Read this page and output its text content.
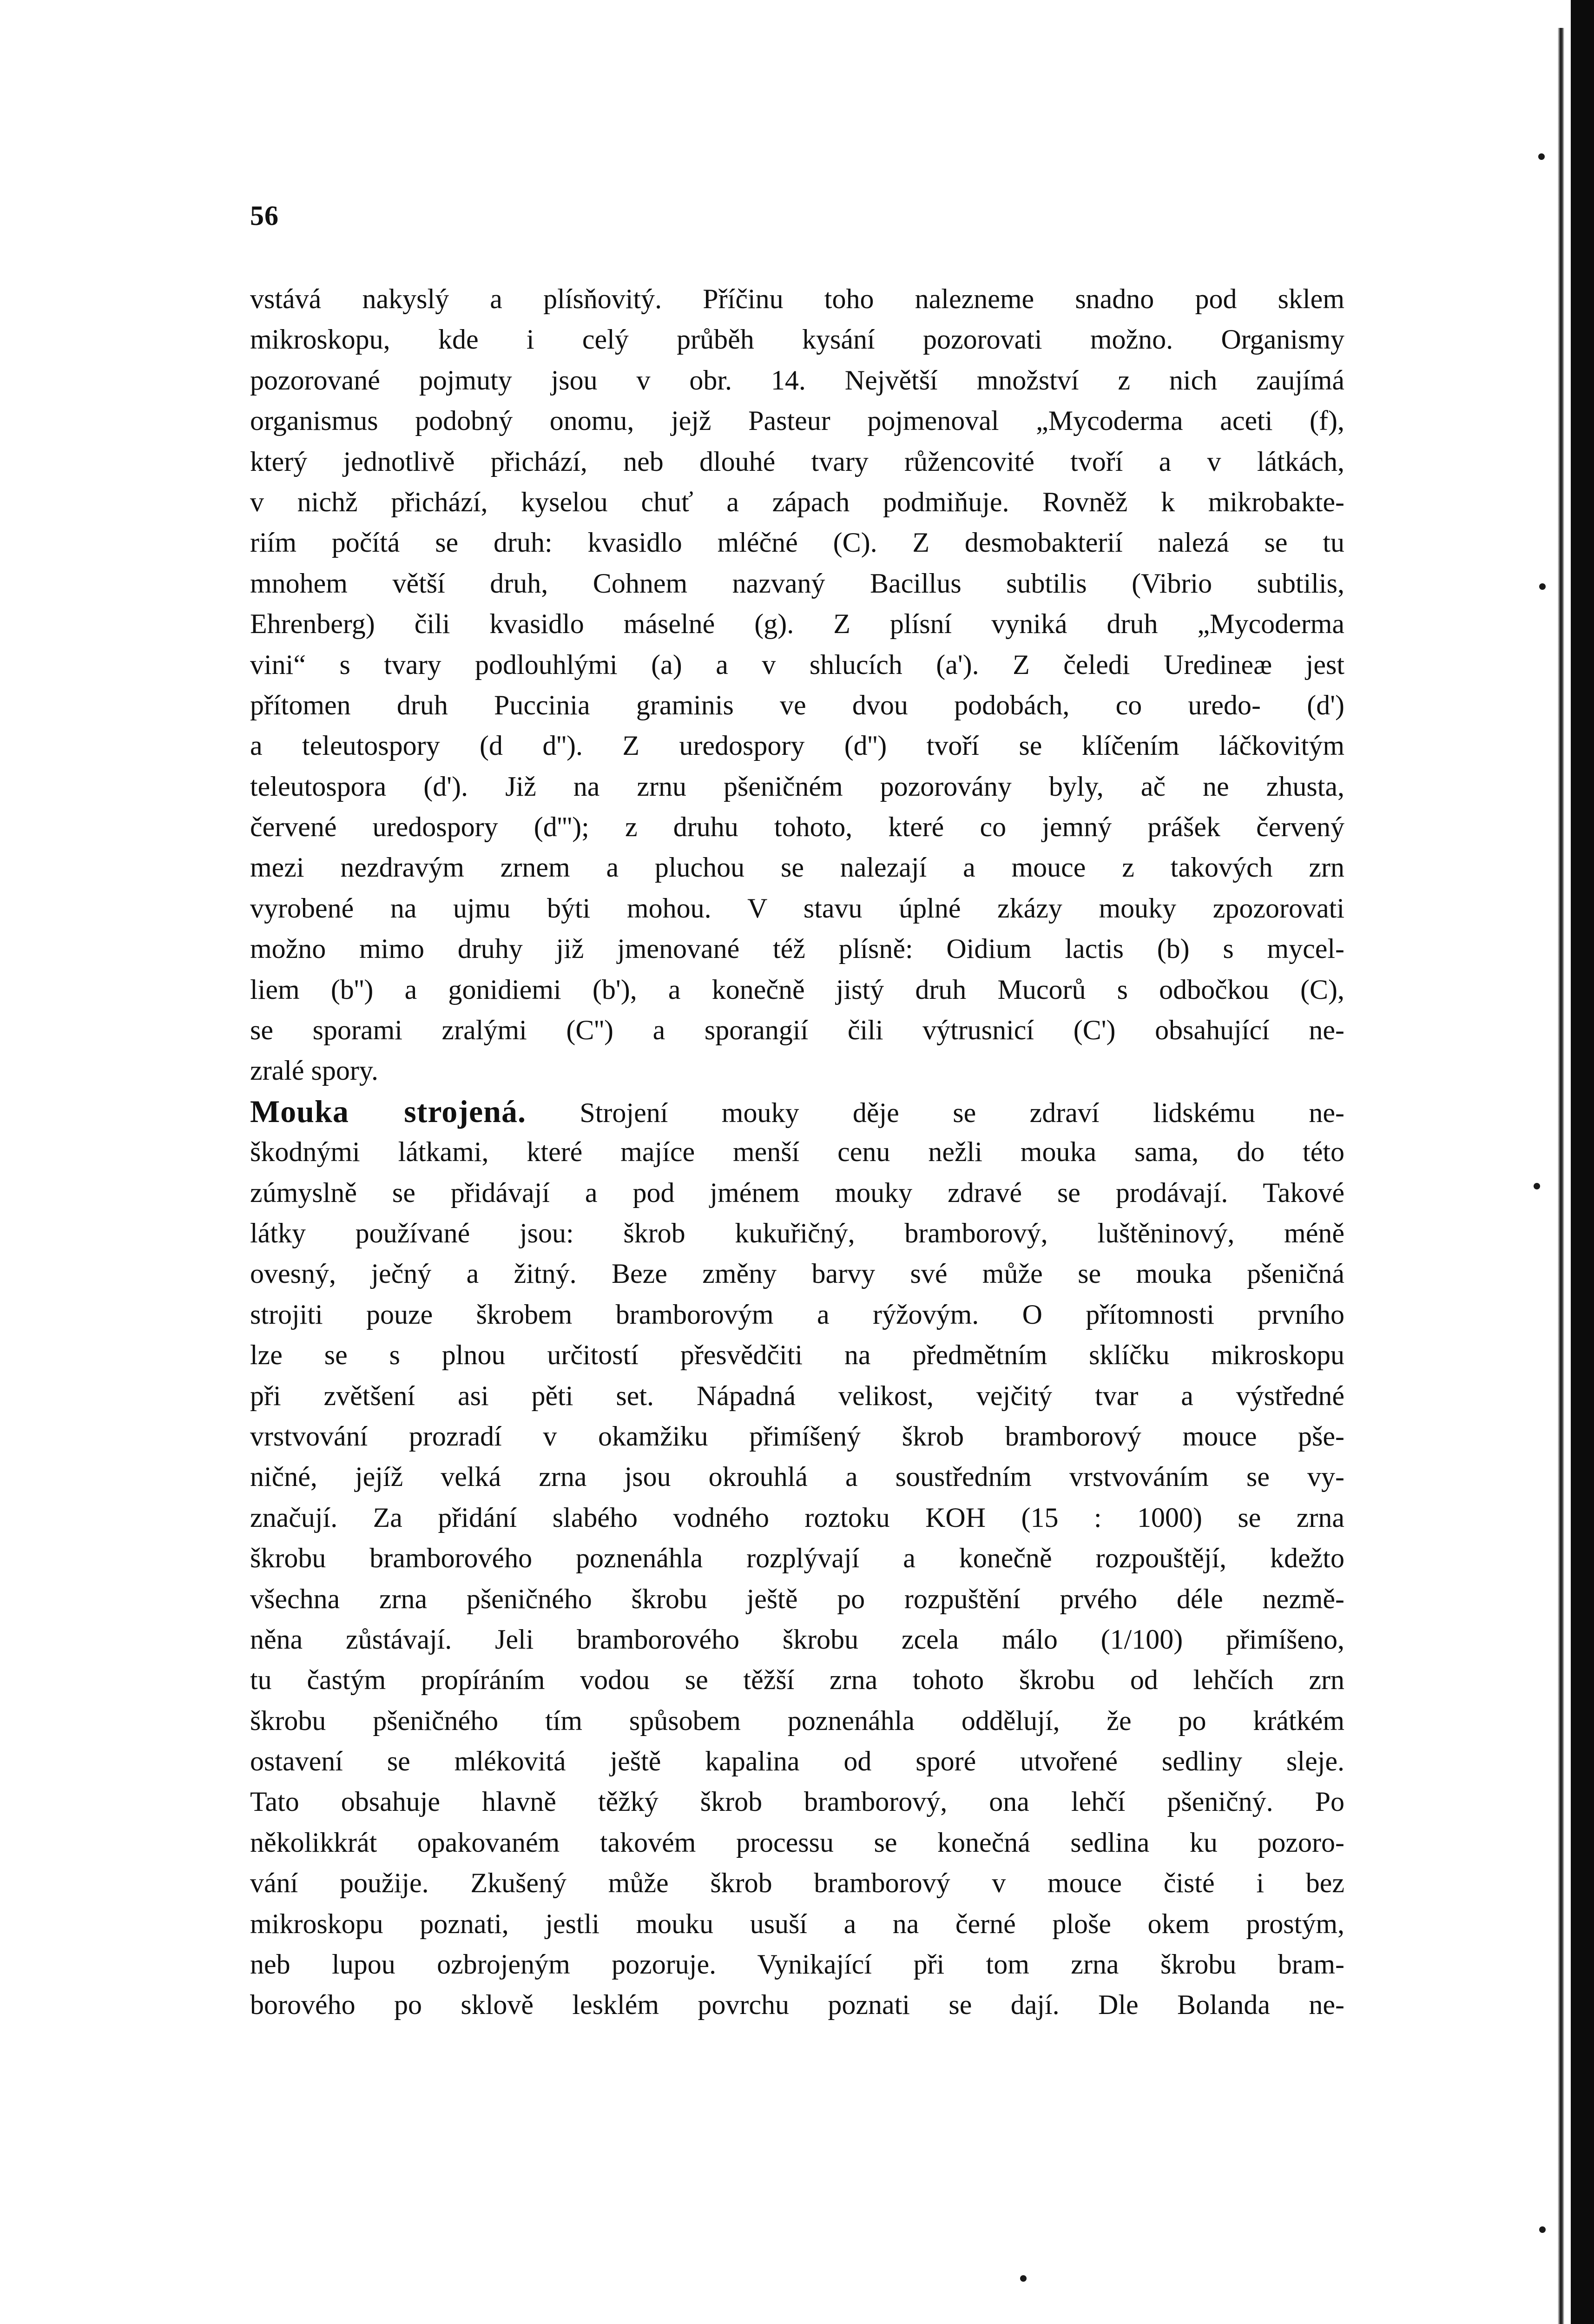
56
vstává nakyslý a plísňovitý. Příčinu toho nalezneme snadno pod sklem
mikroskopu, kde i celý průběh kysání pozorovati možno. Organismy
pozorované pojmuty jsou v obr. 14. Největší množství z nich zaujímá
organismus podobný onomu, jejž Pasteur pojmenoval „Mycoderma aceti (f),
který jednotlivě přichází, neb dlouhé tvary růžencovité tvoří a v látkách,
v nichž přichází, kyselou chuť a zápach podmiňuje. Rovněž k mikrobakte-
riím počítá se druh: kvasidlo mléčné (C). Z desmobakterií nalezá se tu
mnohem větší druh, Cohnem nazvaný Bacillus subtilis (Vibrio subtilis,
Ehrenberg) čili kvasidlo máselné (g). Z plísní vyniká druh „Mycoderma
vini“ s tvary podlouhlými (a) a v shlucích (a'). Z čeledi Uredineæ jest
přítomen druh Puccinia graminis ve dvou podobách, co uredo- (d')
a teleutospory (d d''). Z uredospory (d'') tvoří se klíčením láčkovitým
teleutospora (d'). Již na zrnu pšeničném pozorovány byly, ač ne zhusta,
červené uredospory (d'''); z druhu tohoto, které co jemný prášek červený
mezi nezdravým zrnem a pluchou se nalezají a mouce z takových zrn
vyrobené na ujmu býti mohou. V stavu úplné zkázy mouky zpozorovati
možno mimo druhy již jmenované též plísně: Oidium lactis (b) s mycel-
liem (b'') a gonidiemi (b'), a konečně jistý druh Mucorů s odbočkou (C),
se sporami zralými (C'') a sporangií čili výtrusnicí (C') obsahující ne-
zralé spory.
Mouka strojená. Strojení mouky děje se zdraví lidskému ne-
škodnými látkami, které majíce menší cenu nežli mouka sama, do této
zúmyslně se přidávají a pod jménem mouky zdravé se prodávají. Takové
látky používané jsou: škrob kukuřičný, bramborový, luštěninový, méně
ovesný, ječný a žitný. Beze změny barvy své může se mouka pšeničná
strojiti pouze škrobem bramborovým a rýžovým. O přítomnosti prvního
lze se s plnou určitostí přesvědčiti na předmětním sklíčku mikroskopu
při zvětšení asi pěti set. Nápadná velikost, vejčitý tvar a výstředné
vrstvování prozradí v okamžiku přimíšený škrob bramborový mouce pše-
ničné, jejíž velká zrna jsou okrouhlá a soustředním vrstvováním se vy-
značují. Za přidání slabého vodného roztoku KOH (15 : 1000) se zrna
škrobu bramborového poznenáhla rozplývají a konečně rozpouštějí, kdežto
všechna zrna pšeničného škrobu ještě po rozpuštění prvého déle nezmě-
něna zůstávají. Jeli bramborového škrobu zcela málo (1/100) přimíšeno,
tu častým propíráním vodou se těžší zrna tohoto škrobu od lehčích zrn
škrobu pšeničného tím spůsobem poznenáhla oddělují, že po krátkém
ostavení se mlékovitá ještě kapalina od sporé utvořené sedliny sleje.
Tato obsahuje hlavně těžký škrob bramborový, ona lehčí pšeničný. Po
několikkrát opakovaném takovém processu se konečná sedlina ku pozoro-
vání použije. Zkušený může škrob bramborový v mouce čisté i bez
mikroskopu poznati, jestli mouku usuší a na černé ploše okem prostým,
neb lupou ozbrojeným pozoruje. Vynikající při tom zrna škrobu bram-
borového po sklově lesklém povrchu poznati se dají. Dle Bolanda ne-
